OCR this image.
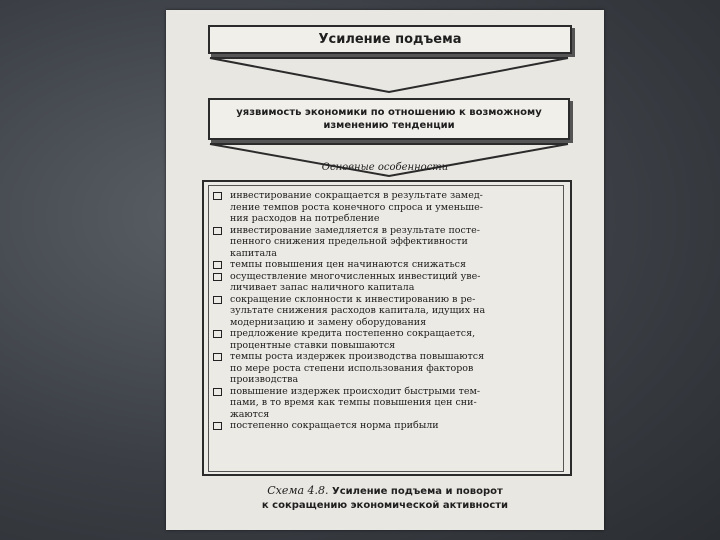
Усиление подъема
уязвимость экономики по отношению к возможному
изменению тенденции
Основные особенности
инвестирование сокращается в результате замед-
ление темпов роста конечного спроса и уменьше-
ния расходов на потребление
инвестирование замедляется в результате посте-
пенного снижения предельной эффективности
капитала
темпы повышения цен начинаются снижаться
осуществление многочисленных инвестиций уве-
личивает запас наличного капитала
сокращение склонности к инвестированию в ре-
зультате снижения расходов капитала, идущих на
модернизацию и замену оборудования
предложение кредита постепенно сокращается,
процентные ставки повышаются
темпы роста издержек производства повышаются
по мере роста степени использования факторов
производства
повышение издержек происходит быстрыми тем-
пами, в то время как темпы повышения цен сни-
жаются
постепенно сокращается норма прибыли
Схема 4.8. Усиление подъема и поворот
к сокращению экономической активности
